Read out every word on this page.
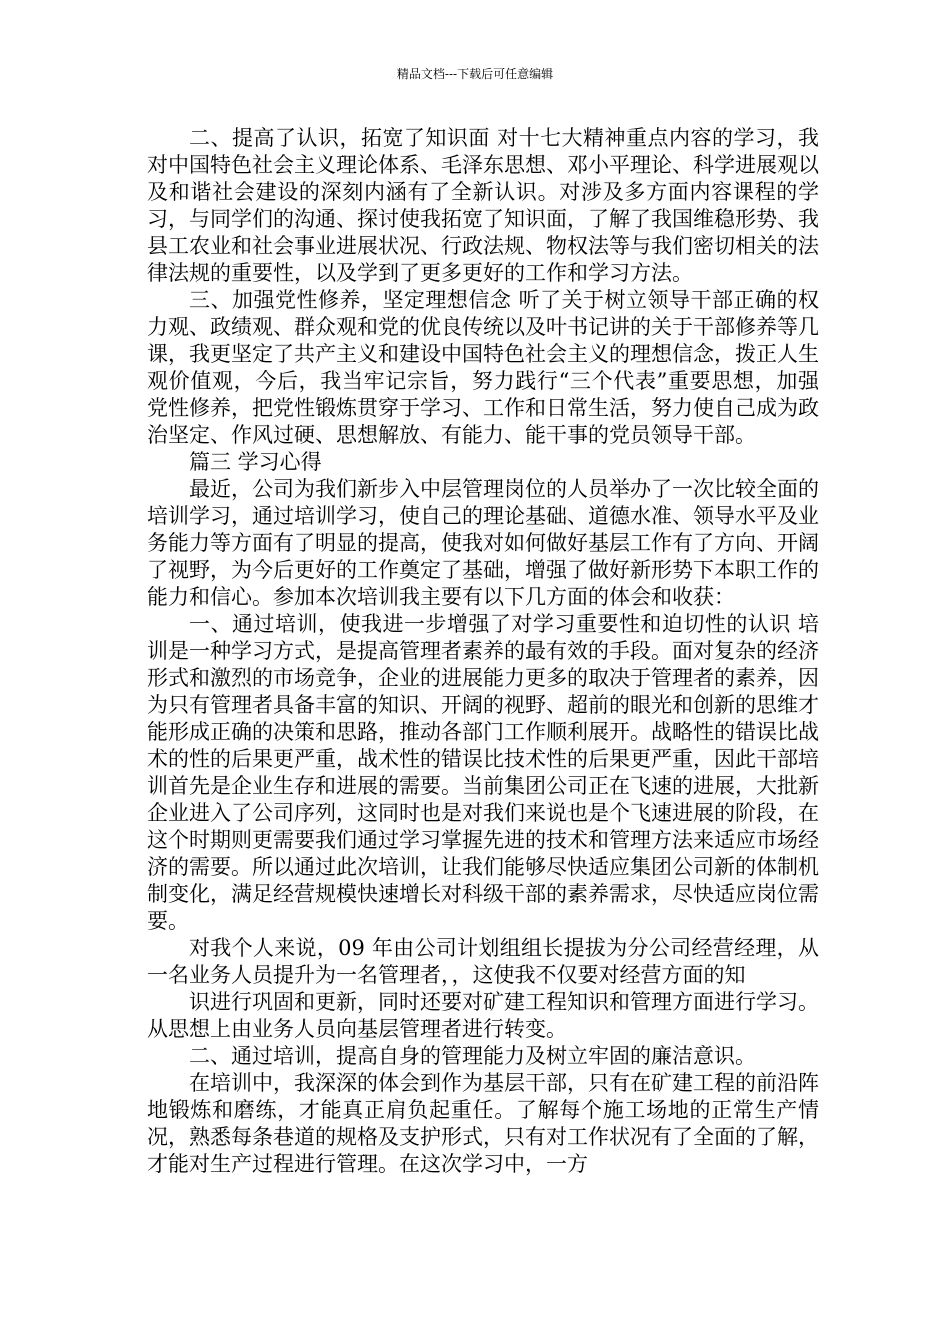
精品文档---下载后可任意编辑

二、提高了认识，拓宽了知识面 对十七大精神重点内容的学习，我对中国特色社会主义理论体系、毛泽东思想、邓小平理论、科学进展观以及和谐社会建设的深刻内涵有了全新认识。对涉及多方面内容课程的学习，与同学们的沟通、探讨使我拓宽了知识面，了解了我国维稳形势、我县工农业和社会事业进展状况、行政法规、物权法等与我们密切相关的法律法规的重要性，以及学到了更多更好的工作和学习方法。

三、加强党性修养，坚定理想信念 听了关于树立领导干部正确的权力观、政绩观、群众观和党的优良传统以及叶书记讲的关于干部修养等几课，我更坚定了共产主义和建设中国特色社会主义的理想信念，拨正人生观价值观，今后，我当牢记宗旨，努力践行“三个代表”重要思想，加强党性修养，把党性锻炼贯穿于学习、工作和日常生活，努力使自己成为政治坚定、作风过硬、思想解放、有能力、能干事的党员领导干部。

篇三 学习心得

最近，公司为我们新步入中层管理岗位的人员举办了一次比较全面的培训学习，通过培训学习，使自己的理论基础、道德水准、领导水平及业务能力等方面有了明显的提高，使我对如何做好基层工作有了方向、开阔了视野，为今后更好的工作奠定了基础，增强了做好新形势下本职工作的能力和信心。参加本次培训我主要有以下几方面的体会和收获：

一、通过培训，使我进一步增强了对学习重要性和迫切性的认识 培训是一种学习方式，是提高管理者素养的最有效的手段。面对复杂的经济形式和激烈的市场竞争，企业的进展能力更多的取决于管理者的素养，因为只有管理者具备丰富的知识、开阔的视野、超前的眼光和创新的思维才能形成正确的决策和思路，推动各部门工作顺利展开。战略性的错误比战术的性的后果更严重，战术性的错误比技术性的后果更严重，因此干部培训首先是企业生存和进展的需要。当前集团公司正在飞速的进展，大批新企业进入了公司序列，这同时也是对我们来说也是个飞速进展的阶段，在这个时期则更需要我们通过学习掌握先进的技术和管理方法来适应市场经济的需要。所以通过此次培训，让我们能够尽快适应集团公司新的体制机制变化，满足经营规模快速增长对科级干部的素养需求，尽快适应岗位需要。

对我个人来说，09 年由公司计划组组长提拔为分公司经营经理，从一名业务人员提升为一名管理者，，这使我不仅要对经营方面的知

识进行巩固和更新，同时还要对矿建工程知识和管理方面进行学习。从思想上由业务人员向基层管理者进行转变。

二、通过培训，提高自身的管理能力及树立牢固的廉洁意识。

在培训中，我深深的体会到作为基层干部，只有在矿建工程的前沿阵地锻炼和磨练，才能真正肩负起重任。了解每个施工场地的正常生产情况，熟悉每条巷道的规格及支护形式，只有对工作状况有了全面的了解，才能对生产过程进行管理。在这次学习中，一方
